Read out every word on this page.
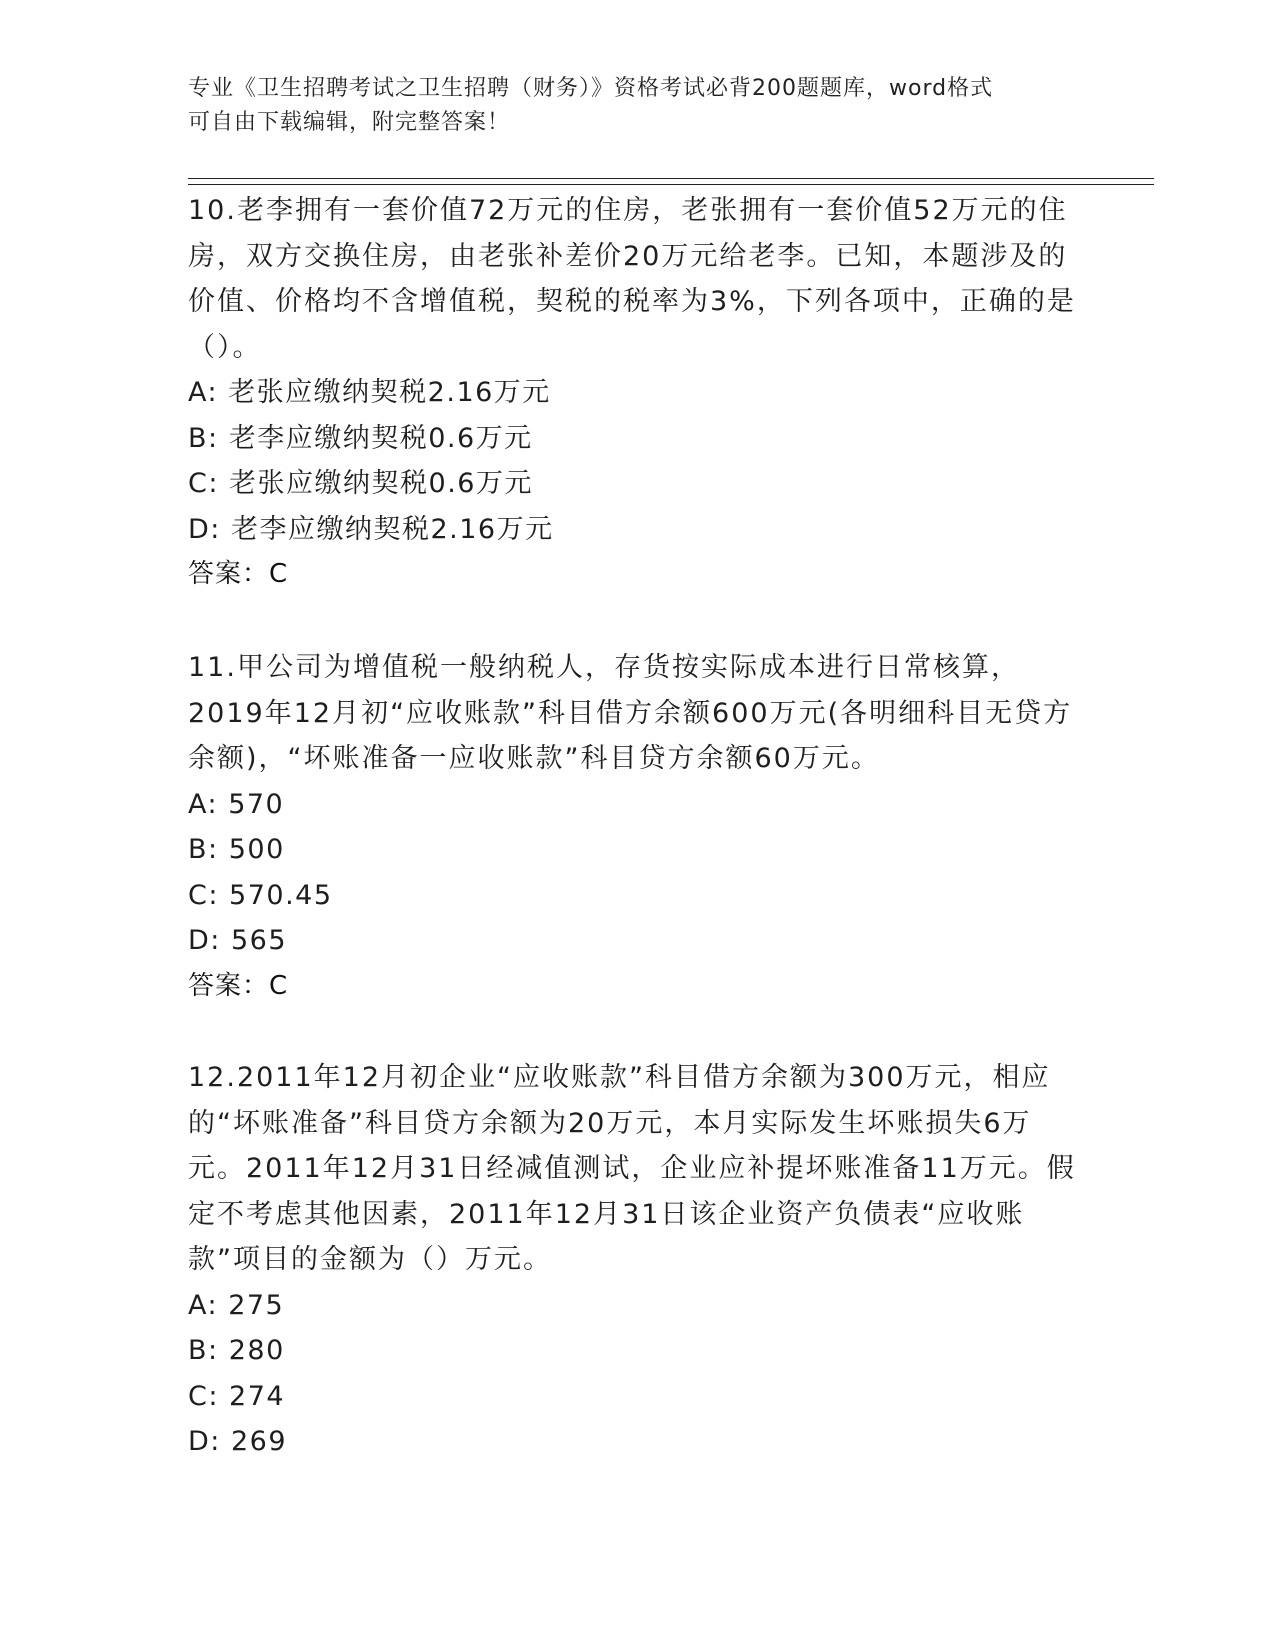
专业《卫生招聘考试之卫生招聘（财务）》资格考试必背200题题库，word格式
可自由下载编辑，附完整答案！

10.老李拥有一套价值72万元的住房，老张拥有一套价值52万元的住房，双方交换住房，由老张补差价20万元给老李。已知，本题涉及的价值、价格均不含增值税，契税的税率为3%，下列各项中，正确的是（）。

A: 老张应缴纳契税2.16万元

B: 老李应缴纳契税0.6万元

C: 老张应缴纳契税0.6万元

D: 老李应缴纳契税2.16万元

答案：C

11.甲公司为增值税一般纳税人，存货按实际成本进行日常核算，2019年12月初“应收账款”科目借方余额600万元(各明细科目无贷方余额)，“坏账准备一应收账款”科目贷方余额60万元。

A: 570

B: 500

C: 570.45

D: 565

答案：C

12.2011年12月初企业“应收账款”科目借方余额为300万元，相应的“坏账准备”科目贷方余额为20万元，本月实际发生坏账损失6万元。2011年12月31日经减值测试，企业应补提坏账准备11万元。假定不考虑其他因素，2011年12月31日该企业资产负债表“应收账款”项目的金额为（）万元。

A: 275

B: 280

C: 274

D: 269
